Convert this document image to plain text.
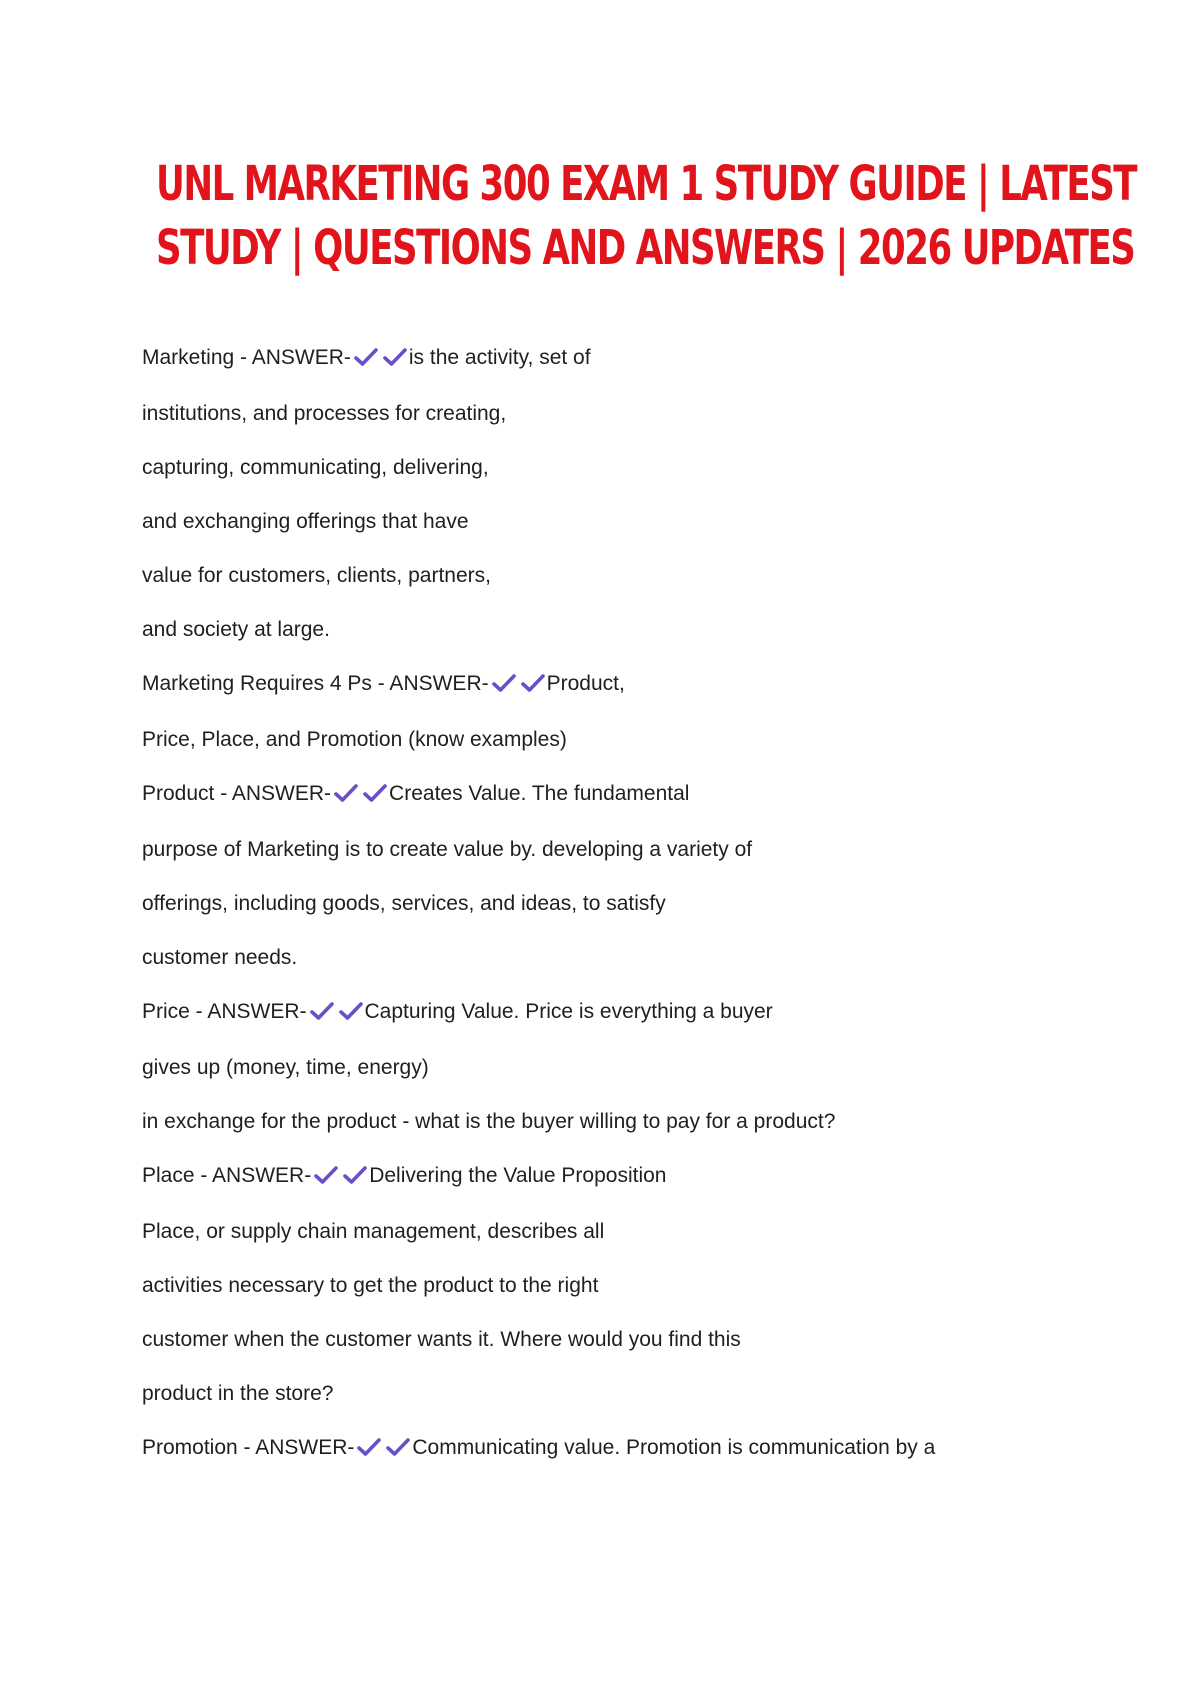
UNL MARKETING 300 EXAM 1 STUDY GUIDE | LATEST
STUDY | QUESTIONS AND ANSWERS | 2026 UPDATES
Marketing - ANSWER-	is the activity, set of
institutions, and processes for creating,
capturing, communicating, delivering,
and exchanging offerings that have
value for customers, clients, partners,
and society at large.
Marketing Requires 4 Ps - ANSWER-	Product,
Price, Place, and Promotion (know examples)
Product - ANSWER-	Creates Value. The fundamental
purpose of Marketing is to create value by. developing a variety of
offerings, including goods, services, and ideas, to satisfy
customer needs.
Price - ANSWER-	Capturing Value. Price is everything a buyer
gives up (money, time, energy)
in exchange for the product - what is the buyer willing to pay for a product?
Place - ANSWER-	Delivering the Value Proposition
Place, or supply chain management, describes all
activities necessary to get the product to the right
customer when the customer wants it. Where would you find this
product in the store?
Promotion - ANSWER-	Communicating value. Promotion is communication by a
